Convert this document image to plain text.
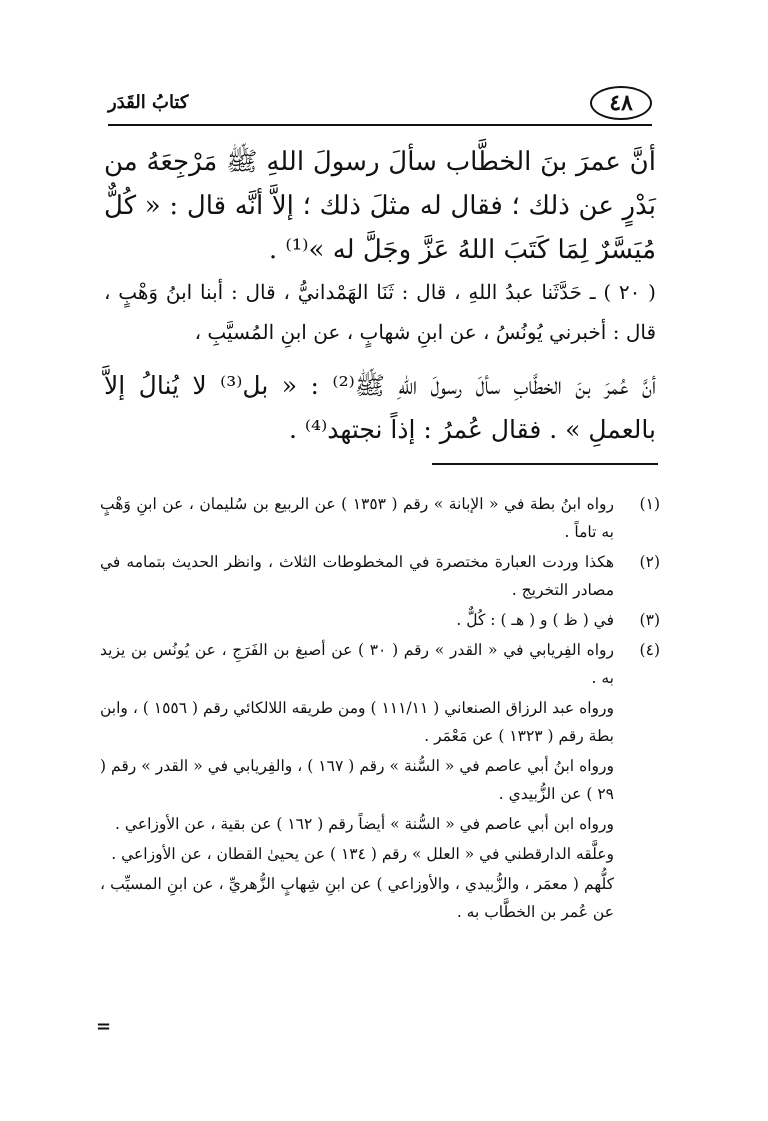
٤٨
كتابُ القَدَر
أنَّ عمرَ بنَ الخطَّاب سألَ رسولَ اللهِ ﷺ مَرْجِعَهُ من بَدْرٍ عن ذلك ؛ فقال له مثلَ ذلك ؛ إلاَّ أنَّه قال : « كُلٌّ مُيَسَّرٌ لِمَا كَتَبَ اللهُ عَزَّ وجَلَّ له »⁽¹⁾ .
( ٢٠ ) ـ حَدَّثَنا عبدُ اللهِ ، قال : ثَنَا الهَمْدانيُّ ، قال : أبنا ابنُ وَهْبٍ ، قال : أخبرني يُونُسُ ، عن ابنِ شهابٍ ، عن ابنِ المُسيَّبِ ،
أنَّ عُمرَ بنَ الخطَّابِ سألَ رسولَ اللهِ ﷺ⁽²⁾ : « بل⁽³⁾ لا يُنالُ إلاَّ بالعملِ » . فقال عُمرُ : إذاً نجتهد⁽⁴⁾ .
(١)
رواه ابنُ بطة في « الإبانة » رقم ( ١٣٥٣ ) عن الربيع بن سُليمان ، عن ابنِ وَهْبٍ به تاماً .
(٢)
هكذا وردت العبارة مختصرة في المخطوطات الثلاث ، وانظر الحديث بتمامه في مصادر التخريج .
(٣)
في ( ظ ) و ( هـ ) : كُلٌّ .
(٤)
رواه الفِريابي في « القدر » رقم ( ٣٠ ) عن أصبغ بن الفَرَجِ ، عن يُونُس بن يزيد به .
ورواه عبد الرزاق الصنعاني ( ١١١/١١ ) ومن طريقه اللالكائي رقم ( ١٥٥٦ ) ، وابن بطة رقم ( ١٣٢٣ ) عن مَعْمَر .
ورواه ابنُ أبي عاصم في « السُّنة » رقم ( ١٦٧ ) ، والفِريابي في « القدر » رقم ( ٢٩ ) عن الزُّبيدي .
ورواه ابن أبي عاصم في « السُّنة » أيضاً رقم ( ١٦٢ ) عن بقية ، عن الأوزاعي .
وعلَّقه الدارقطني في « العلل » رقم ( ١٣٤ ) عن يحيىٰ القطان ، عن الأوزاعي .
كلُّهم ( معمَر ، والزُّبيدي ، والأوزاعي ) عن ابنِ شِهابٍ الزُّهريِّ ، عن ابنِ المسيِّب ، عن عُمر بن الخطَّاب به .
=
